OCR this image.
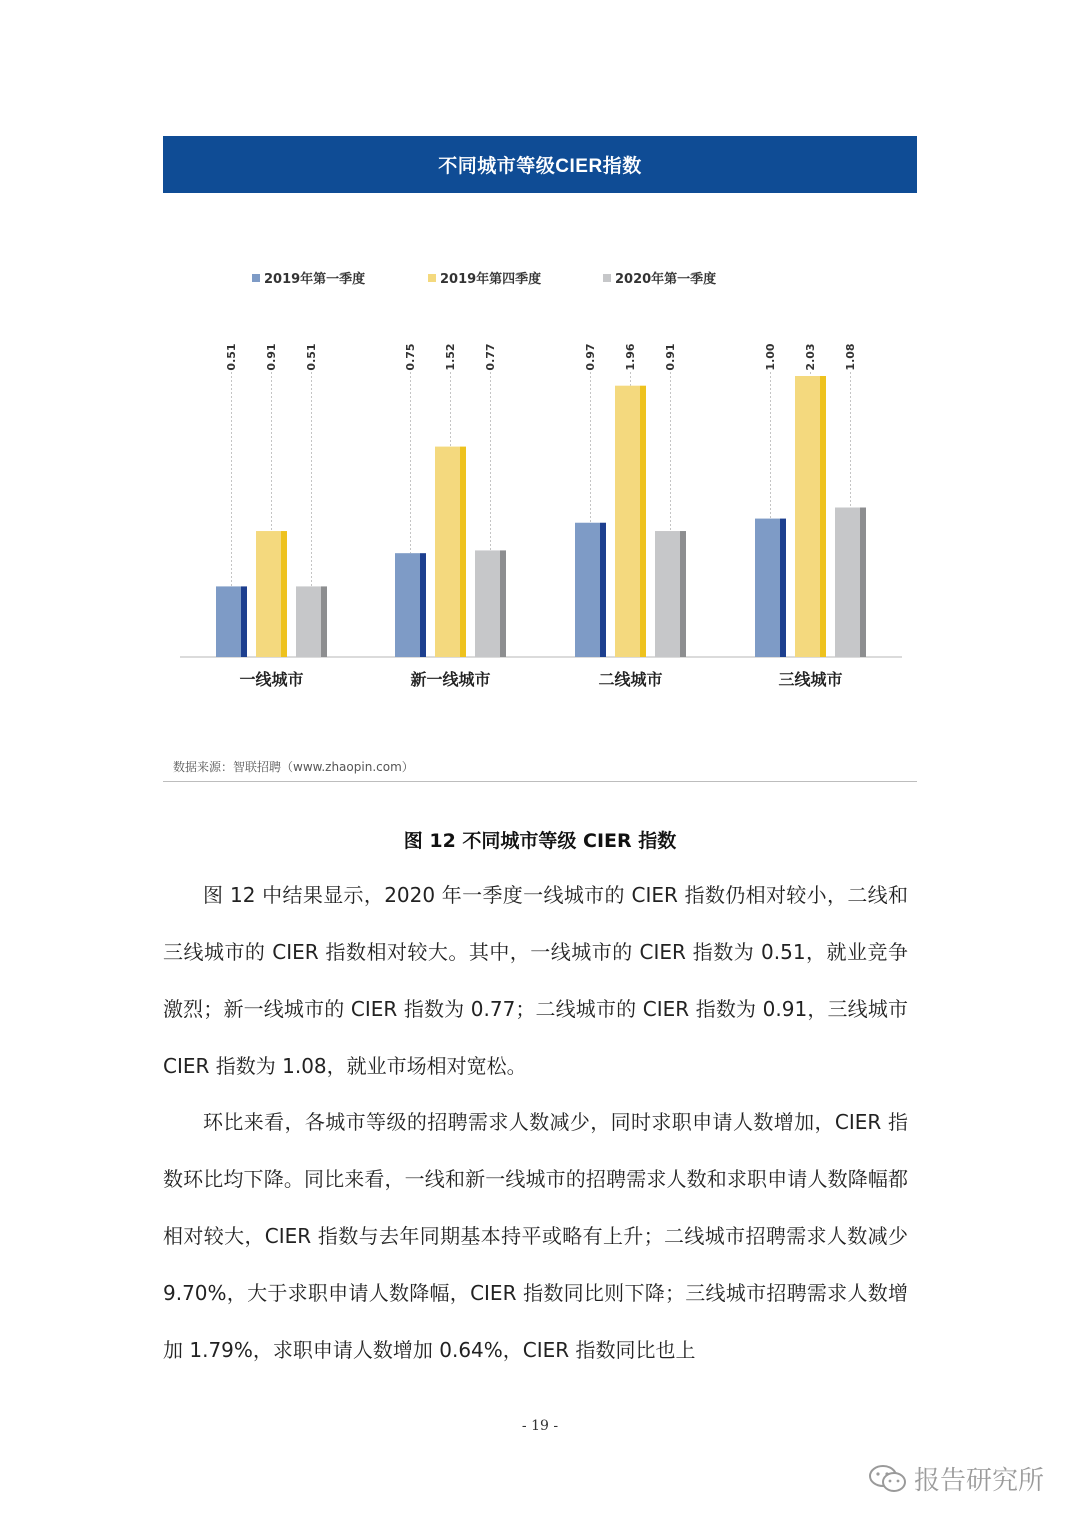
不同城市等级CIER指数
2019年第一季度	2019年第四季度	2020年第一季度
0.51 0.91 0.51
一线城市
0.75 1.52 0.77
新一线城市
0.97 1.96 0.91
二线城市
1.00 2.03 1.08
三线城市
数据来源：智联招聘（www.zhaopin.com）
图 12 不同城市等级 CIER 指数
图 12 中结果显示，2020 年一季度一线城市的 CIER 指数仍相对较小，二线和三线城市的 CIER 指数相对较大。其中，一线城市的 CIER 指数为 0.51，就业竞争激烈；新一线城市的 CIER 指数为 0.77；二线城市的 CIER 指数为 0.91，三线城市 CIER 指数为 1.08，就业市场相对宽松。
环比来看，各城市等级的招聘需求人数减少，同时求职申请人数增加，CIER 指数环比均下降。同比来看，一线和新一线城市的招聘需求人数和求职申请人数降幅都相对较大，CIER 指数与去年同期基本持平或略有上升；二线城市招聘需求人数减少 9.70%，大于求职申请人数降幅，CIER 指数同比则下降；三线城市招聘需求人数增加 1.79%，求职申请人数增加 0.64%，CIER 指数同比也上
- 19 -
报告研究所
